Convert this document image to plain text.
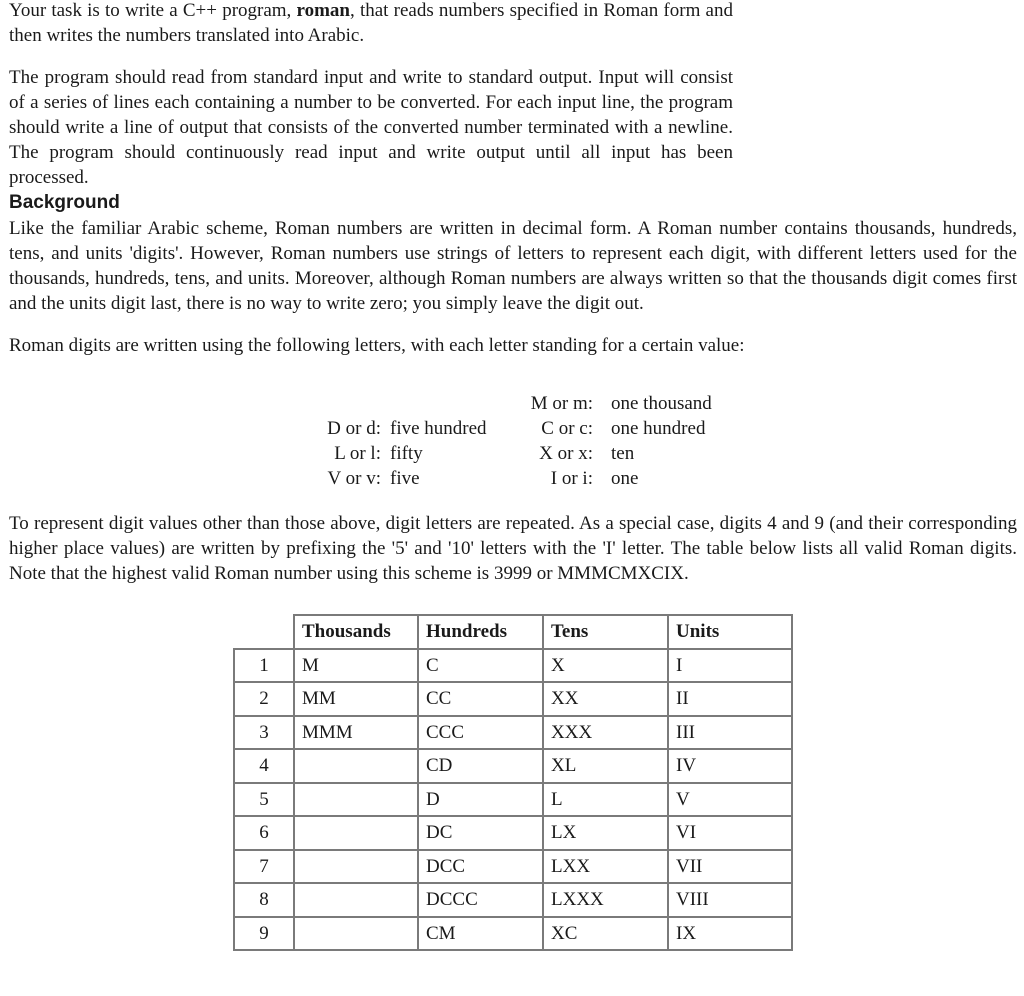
Your task is to write a C++ program, roman, that reads numbers specified in Roman form and then writes the numbers translated into Arabic.

The program should read from standard input and write to standard output. Input will consist of a series of lines each containing a number to be converted. For each input line, the program should write a line of output that consists of the converted number terminated with a newline. The program should continuously read input and write output until all input has been processed.

Background

Like the familiar Arabic scheme, Roman numbers are written in decimal form. A Roman number contains thousands, hundreds, tens, and units 'digits'. However, Roman numbers use strings of letters to represent each digit, with different letters used for the thousands, hundreds, tens, and units. Moreover, although Roman numbers are always written so that the thousands digit comes first and the units digit last, there is no way to write zero; you simply leave the digit out.

Roman digits are written using the following letters, with each letter standing for a certain value:

D or d: five hundred
L or l: fifty
V or v: five
M or m: one thousand
C or c: one hundred
X or x: ten
I or i: one

To represent digit values other than those above, digit letters are repeated. As a special case, digits 4 and 9 (and their corresponding higher place values) are written by prefixing the '5' and '10' letters with the 'I' letter. The table below lists all valid Roman digits. Note that the highest valid Roman number using this scheme is 3999 or MMMCMXCIX.

	Thousands	Hundreds	Tens	Units
1	M	C	X	I
2	MM	CC	XX	II
3	MMM	CCC	XXX	III
4		CD	XL	IV
5		D	L	V
6		DC	LX	VI
7		DCC	LXX	VII
8		DCCC	LXXX	VIII
9		CM	XC	IX
